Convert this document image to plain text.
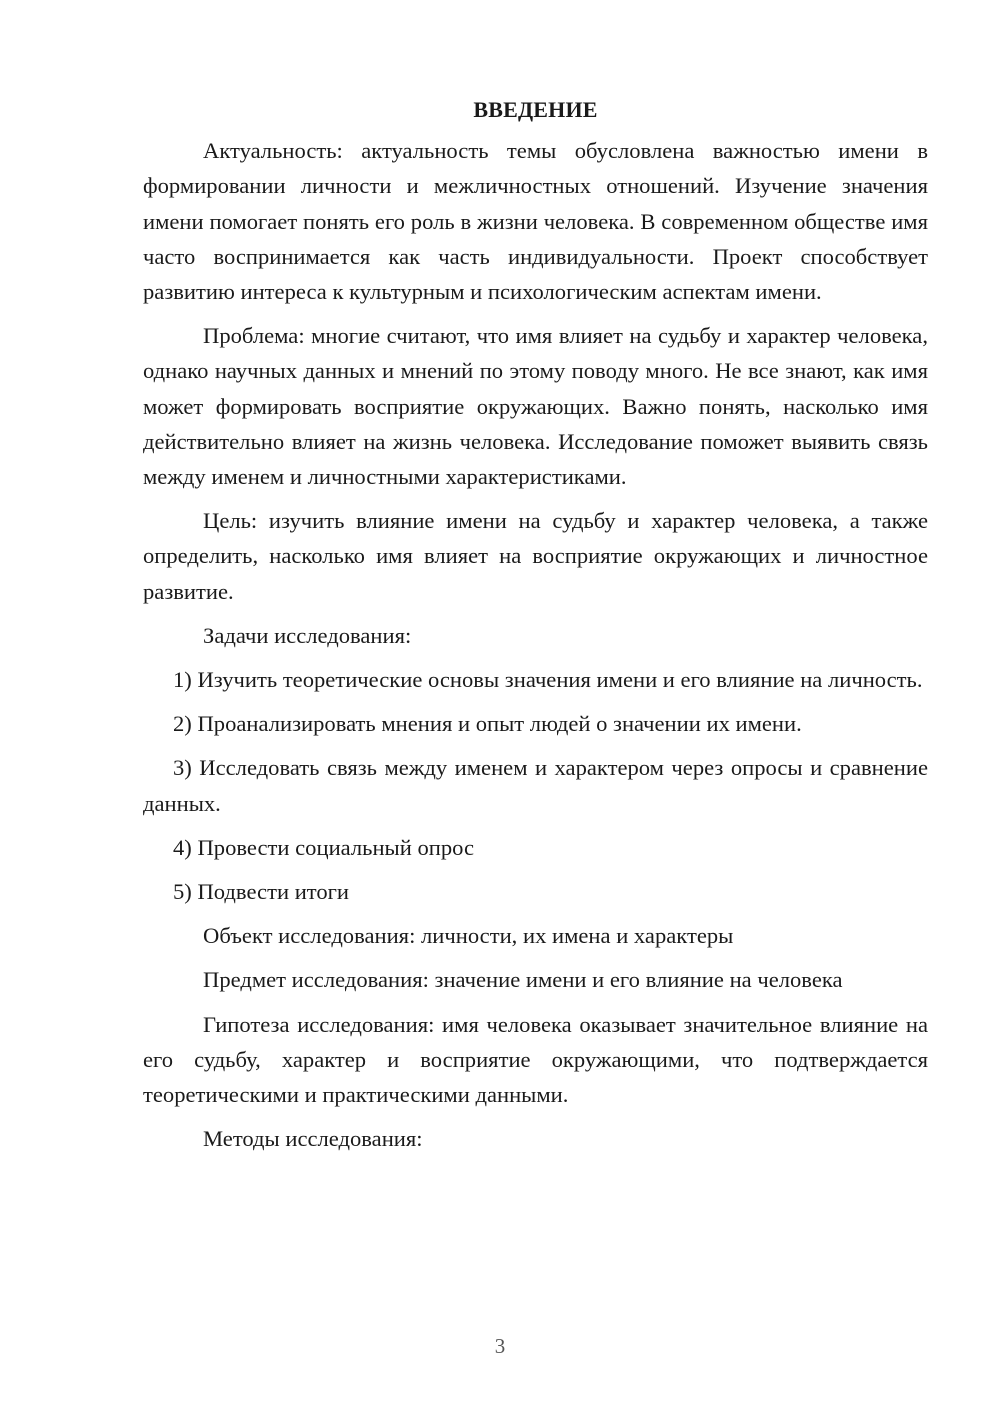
ВВЕДЕНИЕ

Актуальность: актуальность темы обусловлена важностью имени в формировании личности и межличностных отношений. Изучение значения имени помогает понять его роль в жизни человека. В современном обществе имя часто воспринимается как часть индивидуальности. Проект способствует развитию интереса к культурным и психологическим аспектам имени.

Проблема: многие считают, что имя влияет на судьбу и характер человека, однако научных данных и мнений по этому поводу много. Не все знают, как имя может формировать восприятие окружающих. Важно понять, насколько имя действительно влияет на жизнь человека. Исследование поможет выявить связь между именем и личностными характеристиками.

Цель: изучить влияние имени на судьбу и характер человека, а также определить, насколько имя влияет на восприятие окружающих и личностное развитие.

Задачи исследования:

1) Изучить теоретические основы значения имени и его влияние на личность.

2) Проанализировать мнения и опыт людей о значении их имени.

3) Исследовать связь между именем и характером через опросы и сравнение данных.

4) Провести социальный опрос

5) Подвести итоги

Объект исследования: личности, их имена и характеры

Предмет исследования: значение имени и его влияние на человека

Гипотеза исследования: имя человека оказывает значительное влияние на его судьбу, характер и восприятие окружающими, что подтверждается теоретическими и практическими данными.

Методы исследования:

3
